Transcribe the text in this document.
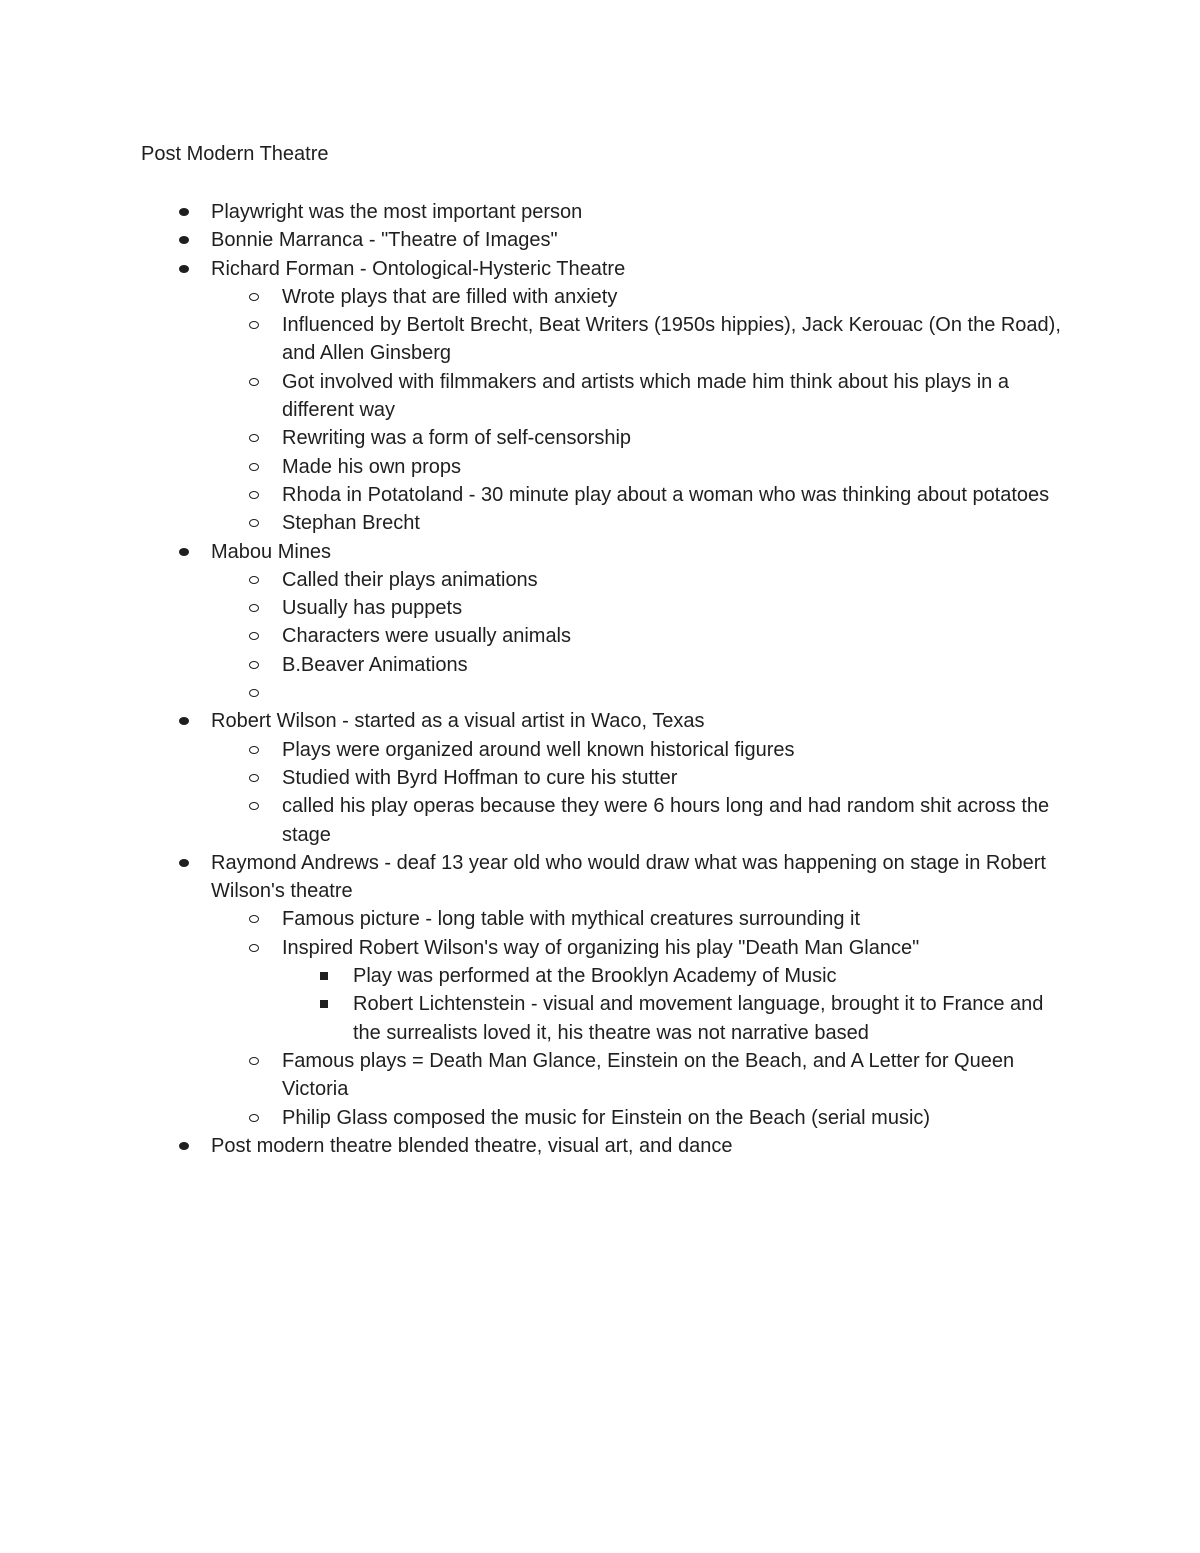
Post Modern Theatre
Playwright was the most important person
Bonnie Marranca - "Theatre of Images"
Richard Forman - Ontological-Hysteric Theatre
Wrote plays that are filled with anxiety
Influenced by Bertolt Brecht, Beat Writers (1950s hippies), Jack Kerouac (On the Road), and Allen Ginsberg
Got involved with filmmakers and artists which made him think about his plays in a different way
Rewriting was a form of self-censorship
Made his own props
Rhoda in Potatoland - 30 minute play about a woman who was thinking about potatoes
Stephan Brecht
Mabou Mines
Called their plays animations
Usually has puppets
Characters were usually animals
B.Beaver Animations

Robert Wilson - started as a visual artist in Waco, Texas
Plays were organized around well known historical figures
Studied with Byrd Hoffman to cure his stutter
called his play operas because they were 6 hours long and had random shit across the stage
Raymond Andrews - deaf 13 year old who would draw what was happening on stage in Robert Wilson's theatre
Famous picture - long table with mythical creatures surrounding it
Inspired Robert Wilson's way of organizing his play "Death Man Glance"
Play was performed at the Brooklyn Academy of Music
Robert Lichtenstein - visual and movement language, brought it to France and the surrealists loved it, his theatre was not narrative based
Famous plays = Death Man Glance, Einstein on the Beach, and A Letter for Queen Victoria
Philip Glass composed the music for Einstein on the Beach (serial music)
Post modern theatre blended theatre, visual art, and dance
